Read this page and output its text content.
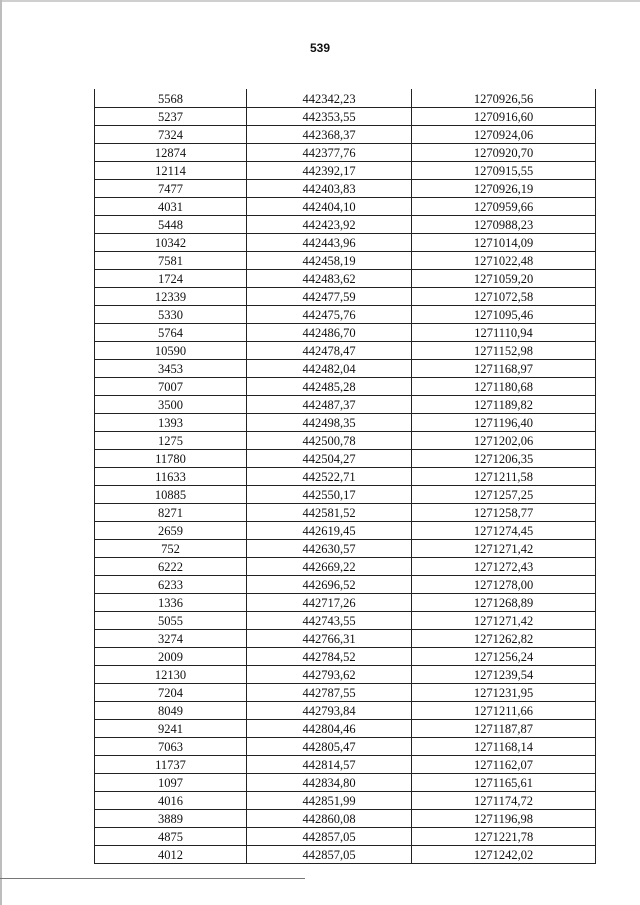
539
5568	442342,23	1270926,56
5237	442353,55	1270916,60
7324	442368,37	1270924,06
12874	442377,76	1270920,70
12114	442392,17	1270915,55
7477	442403,83	1270926,19
4031	442404,10	1270959,66
5448	442423,92	1270988,23
10342	442443,96	1271014,09
7581	442458,19	1271022,48
1724	442483,62	1271059,20
12339	442477,59	1271072,58
5330	442475,76	1271095,46
5764	442486,70	1271110,94
10590	442478,47	1271152,98
3453	442482,04	1271168,97
7007	442485,28	1271180,68
3500	442487,37	1271189,82
1393	442498,35	1271196,40
1275	442500,78	1271202,06
11780	442504,27	1271206,35
11633	442522,71	1271211,58
10885	442550,17	1271257,25
8271	442581,52	1271258,77
2659	442619,45	1271274,45
752	442630,57	1271271,42
6222	442669,22	1271272,43
6233	442696,52	1271278,00
1336	442717,26	1271268,89
5055	442743,55	1271271,42
3274	442766,31	1271262,82
2009	442784,52	1271256,24
12130	442793,62	1271239,54
7204	442787,55	1271231,95
8049	442793,84	1271211,66
9241	442804,46	1271187,87
7063	442805,47	1271168,14
11737	442814,57	1271162,07
1097	442834,80	1271165,61
4016	442851,99	1271174,72
3889	442860,08	1271196,98
4875	442857,05	1271221,78
4012	442857,05	1271242,02
